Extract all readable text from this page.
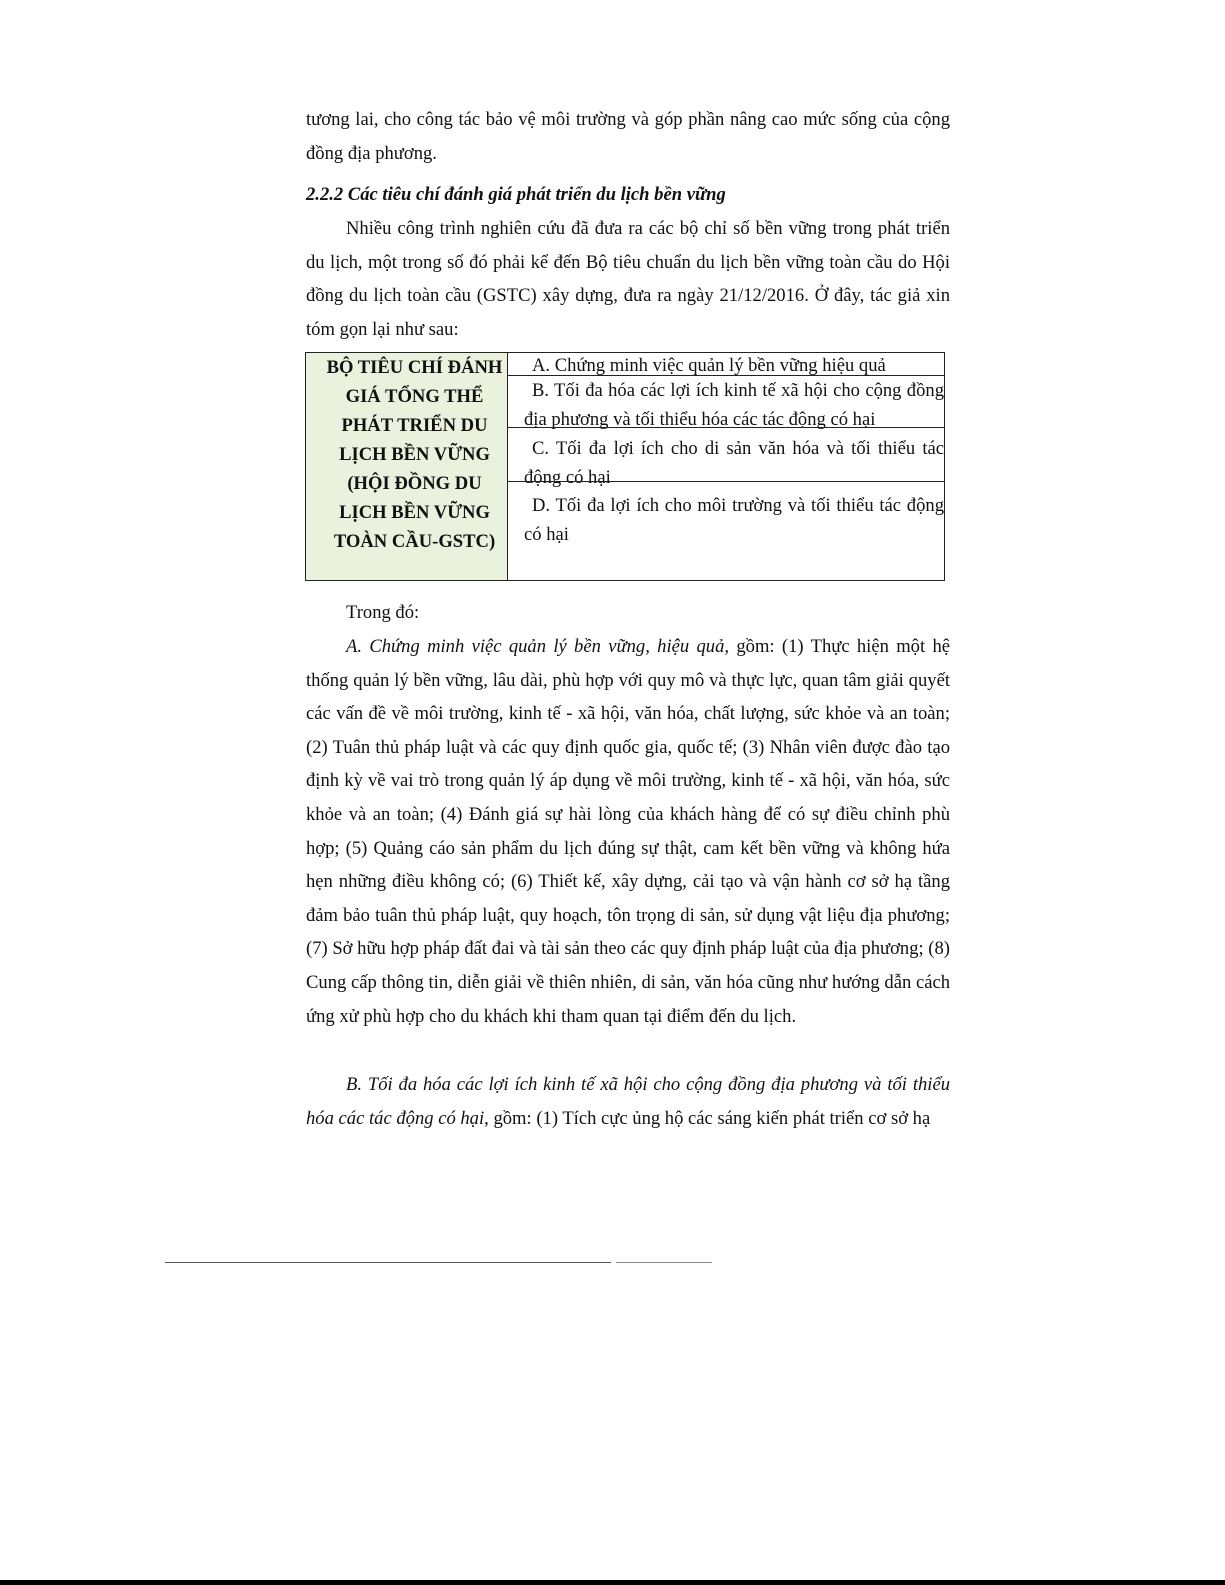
tương lai, cho công tác bảo vệ môi trường và góp phần nâng cao mức sống của cộng đồng địa phương.

2.2.2 Các tiêu chí đánh giá phát triển du lịch bền vững

Nhiều công trình nghiên cứu đã đưa ra các bộ chỉ số bền vững trong phát triển du lịch, một trong số đó phải kể đến Bộ tiêu chuẩn du lịch bền vững toàn cầu do Hội đồng du lịch toàn cầu (GSTC) xây dựng, đưa ra ngày 21/12/2016. Ở đây, tác giả xin tóm gọn lại như sau:

BỘ TIÊU CHÍ ĐÁNH GIÁ TỔNG THỂ PHÁT TRIỂN DU LỊCH BỀN VỮNG (HỘI ĐỒNG DU LỊCH BỀN VỮNG TOÀN CẦU-GSTC)
A. Chứng minh việc quản lý bền vững hiệu quả
B. Tối đa hóa các lợi ích kinh tế xã hội cho cộng đồng địa phương và tối thiểu hóa các tác động có hại
C. Tối đa lợi ích cho di sản văn hóa và tối thiểu tác động có hại
D. Tối đa lợi ích cho môi trường và tối thiểu tác động có hại

Trong đó:

A. Chứng minh việc quản lý bền vững, hiệu quả, gồm: (1) Thực hiện một hệ thống quản lý bền vững, lâu dài, phù hợp với quy mô và thực lực, quan tâm giải quyết các vấn đề về môi trường, kinh tế - xã hội, văn hóa, chất lượng, sức khỏe và an toàn; (2) Tuân thủ pháp luật và các quy định quốc gia, quốc tế; (3) Nhân viên được đào tạo định kỳ về vai trò trong quản lý áp dụng về môi trường, kinh tế - xã hội, văn hóa, sức khỏe và an toàn; (4) Đánh giá sự hài lòng của khách hàng để có sự điều chỉnh phù hợp; (5) Quảng cáo sản phẩm du lịch đúng sự thật, cam kết bền vững và không hứa hẹn những điều không có; (6) Thiết kế, xây dựng, cải tạo và vận hành cơ sở hạ tầng đảm bảo tuân thủ pháp luật, quy hoạch, tôn trọng di sản, sử dụng vật liệu địa phương; (7) Sở hữu hợp pháp đất đai và tài sản theo các quy định pháp luật của địa phương; (8) Cung cấp thông tin, diễn giải về thiên nhiên, di sản, văn hóa cũng như hướng dẫn cách ứng xử phù hợp cho du khách khi tham quan tại điểm đến du lịch.

B. Tối đa hóa các lợi ích kinh tế xã hội cho cộng đồng địa phương và tối thiểu hóa các tác động có hại, gồm: (1) Tích cực ủng hộ các sáng kiến phát triển cơ sở hạ
